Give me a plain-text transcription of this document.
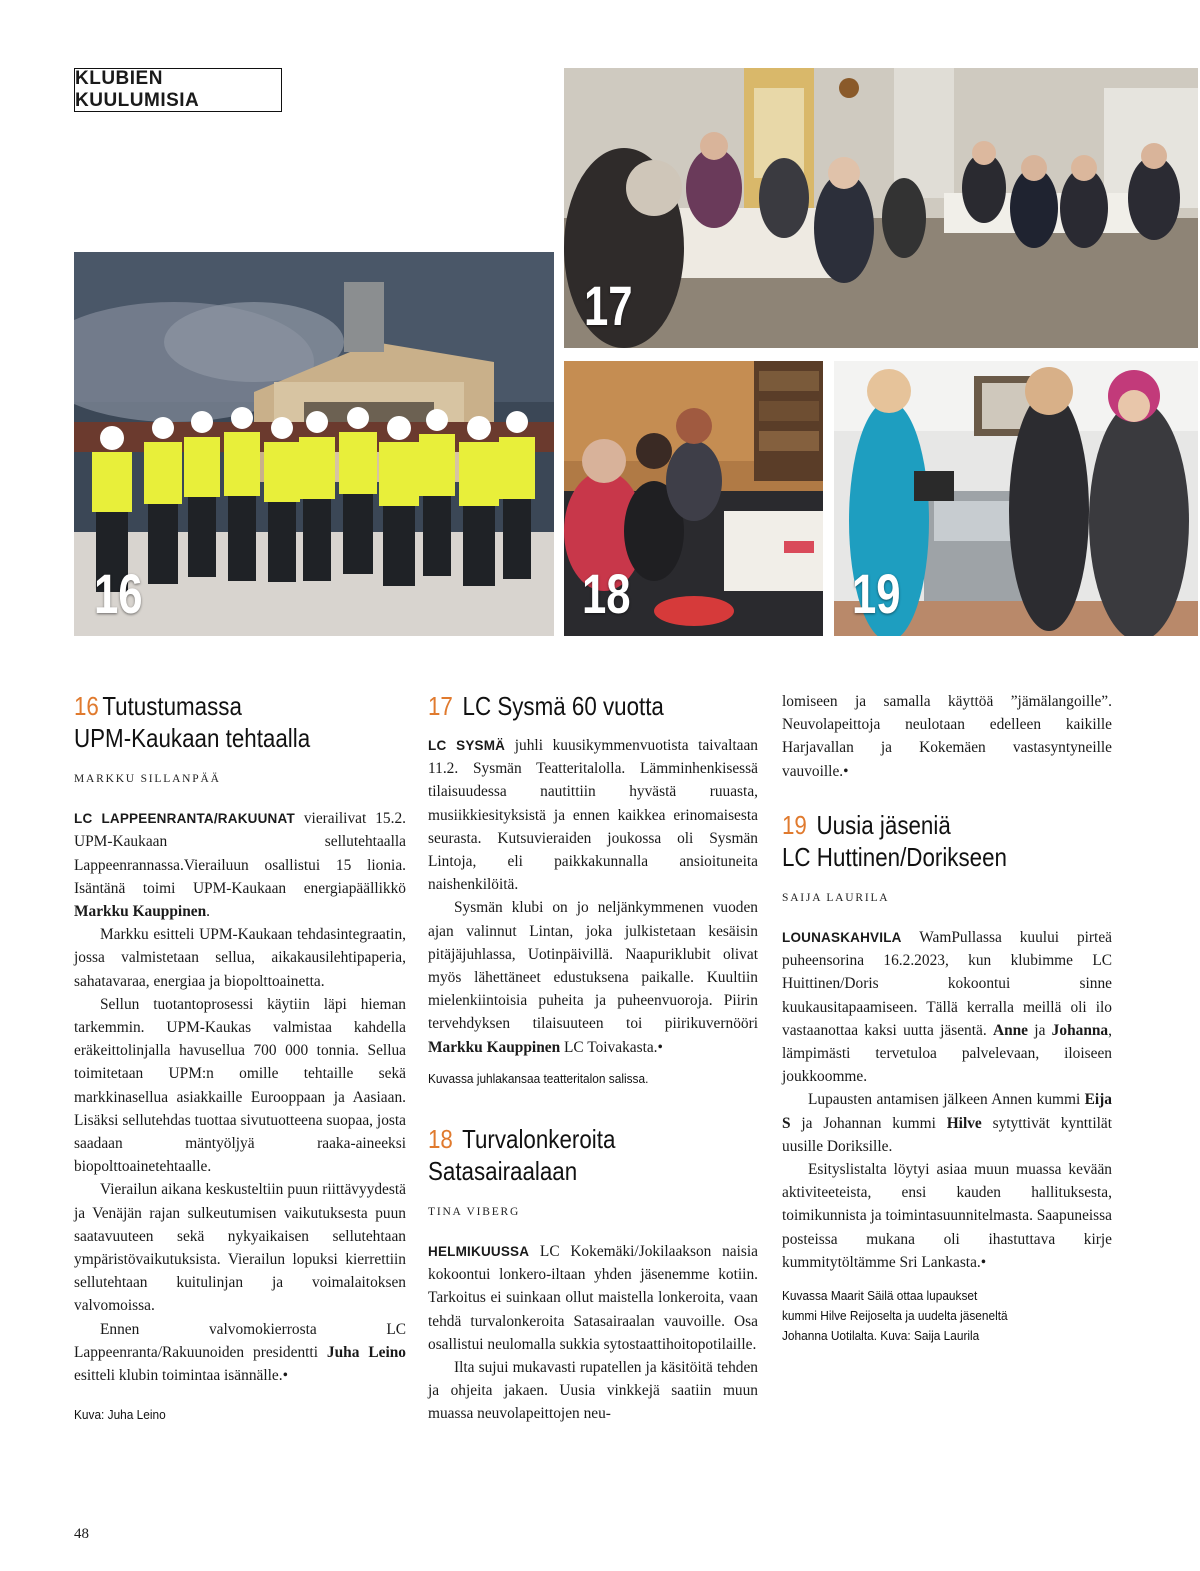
KLUBIEN KUULUMISIA
17
16	18	19
16 Tutustumassa
UPM-Kaukaan tehtaalla
MARKKU SILLANPÄÄ

LC LAPPEENRANTA/RAKUUNAT vierailivat 15.2. UPM-Kaukaan sellutehtaalla Lappeenrannassa.Vierailuun osallistui 15 lionia. Isäntänä toimi UPM-Kaukaan energiapäällikkö Markku Kauppinen.

Markku esitteli UPM-Kaukaan tehdasintegraatin, jossa valmistetaan sellua, aikakausilehtipaperia, sahatavaraa, energiaa ja biopolttoainetta.

Sellun tuotantoprosessi käytiin läpi hieman tarkemmin. UPM-Kaukas valmistaa kahdella eräkeittolinjalla havusellua 700 000 tonnia. Sellua toimitetaan UPM:n omille tehtaille sekä markkinasellua asiakkaille Eurooppaan ja Aasiaan. Lisäksi sellutehdas tuottaa sivutuotteena suopaa, josta saadaan mäntyöljyä raaka-aineeksi biopolttoainetehtaalle.

Vierailun aikana keskusteltiin puun riittävyydestä ja Venäjän rajan sulkeutumisen vaikutuksesta puun saatavuuteen sekä nykyaikaisen sellutehtaan ympäristövaikutuksista. Vierailun lopuksi kierrettiin sellutehtaan kuitulinjan ja voimalaitoksen valvomoissa.

Ennen valvomokierrosta LC Lappeenranta/Rakuunoiden presidentti Juha Leino esitteli klubin toimintaa isännälle.•

Kuva: Juha Leino
17 LC Sysmä 60 vuotta

LC SYSMÄ juhli kuusikymmenvuotista taivaltaan 11.2. Sysmän Teatteritalolla. Lämminhenkisessä tilaisuudessa nautittiin hyvästä ruuasta, musiikkiesityksistä ja ennen kaikkea erinomaisesta seurasta. Kutsuvieraiden joukossa oli Sysmän Lintoja, eli paikkakunnalla ansioituneita naishenkilöitä.

Sysmän klubi on jo neljänkymmenen vuoden ajan valinnut Lintan, joka julkistetaan kesäisin pitäjäjuhlassa, Uotinpäivillä. Naapuriklubit olivat myös lähettäneet edustuksena paikalle. Kuultiin mielenkiintoisia puheita ja puheenvuoroja. Piirin tervehdyksen tilaisuuteen toi piirikuvernööri Markku Kauppinen LC Toivakasta.•

Kuvassa juhlakansaa teatteritalon salissa.
18 Turvalonkeroita
Satasairaalaan
TINA VIBERG

HELMIKUUSSA LC Kokemäki/Jokilaakson naisia kokoontui lonkero-iltaan yhden jäsenemme kotiin. Tarkoitus ei suinkaan ollut maistella lonkeroita, vaan tehdä turvalonkeroita Satasairaalan vauvoille. Osa osallistui neulomalla sukkia sytostaattihoitopotilaille.

Ilta sujui mukavasti rupatellen ja käsitöitä tehden ja ohjeita jakaen. Uusia vinkkejä saatiin muun muassa neuvolapeittojen neu-

lomiseen ja samalla käyttöä ”jämälangoille”. Neuvolapeittoja neulotaan edelleen kaikille Harjavallan ja Kokemäen vastasyntyneille vauvoille.•

19 Uusia jäseniä
LC Huttinen/Dorikseen
SAIJA LAURILA

LOUNASKAHVILA WamPullassa kuului pirteä puheensorina 16.2.2023, kun klubimme LC Huittinen/Doris kokoontui sinne kuukausitapaamiseen. Tällä kerralla meillä oli ilo vastaanottaa kaksi uutta jäsentä. Anne ja Johanna, lämpimästi tervetuloa palvelevaan, iloiseen joukkoomme.

Lupausten antamisen jälkeen Annen kummi Eija S ja Johannan kummi Hilve sytyttivät kynttilät uusille Doriksille.

Esityslistalta löytyi asiaa muun muassa kevään aktiviteeteista, ensi kauden hallituksesta, toimikunnista ja toimintasuunnitelmasta. Saapuneissa posteissa mukana oli ihastuttava kirje kummitytöltämme Sri Lankasta.•

Kuvassa Maarit Säilä ottaa lupaukset
kummi Hilve Reijoselta ja uudelta jäseneltä
Johanna Uotilalta. Kuva: Saija Laurila
48
